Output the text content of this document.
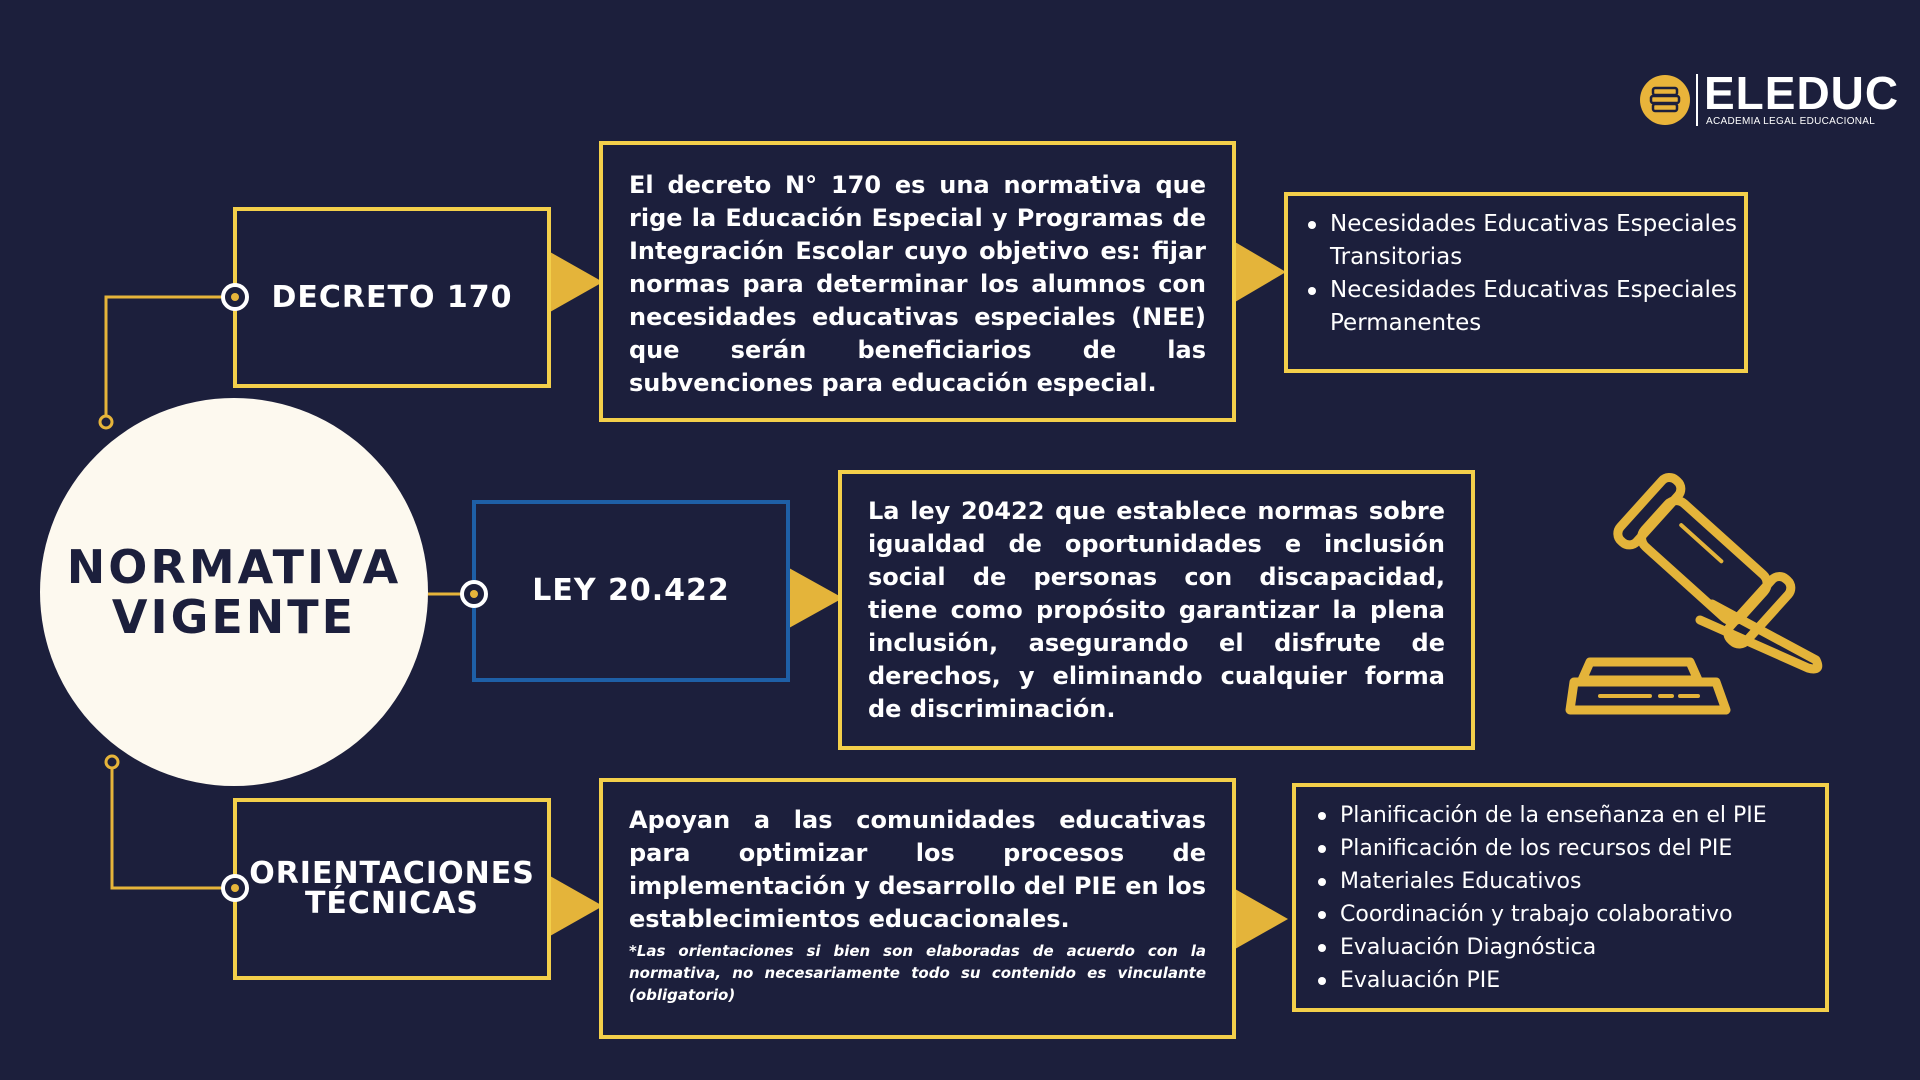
ELEDUC
ACADEMIA LEGAL EDUCACIONAL
NORMATIVA
VIGENTE
DECRETO 170
El decreto N° 170 es una normativa que rige la Educación Especial y Programas de Integración Escolar cuyo objetivo es: fijar normas para determinar los alumnos con necesidades educativas especiales (NEE) que serán beneficiarios de las subvenciones para educación especial.
Necesidades Educativas Especiales Transitorias
Necesidades Educativas Especiales Permanentes
LEY 20.422
La ley 20422 que establece normas sobre igualdad de oportunidades e inclusión social de personas con discapacidad, tiene como propósito garantizar la plena inclusión, asegurando el disfrute de derechos, y eliminando cualquier forma de discriminación.
ORIENTACIONES
TÉCNICAS
Apoyan a las comunidades educativas para optimizar los procesos de implementación y desarrollo del PIE en los establecimientos educacionales.
*Las orientaciones si bien son elaboradas de acuerdo con la normativa, no necesariamente todo su contenido es vinculante (obligatorio)
Planificación de la enseñanza en el PIE
Planificación de los recursos del PIE
Materiales Educativos
Coordinación y trabajo colaborativo
Evaluación Diagnóstica
Evaluación PIE
